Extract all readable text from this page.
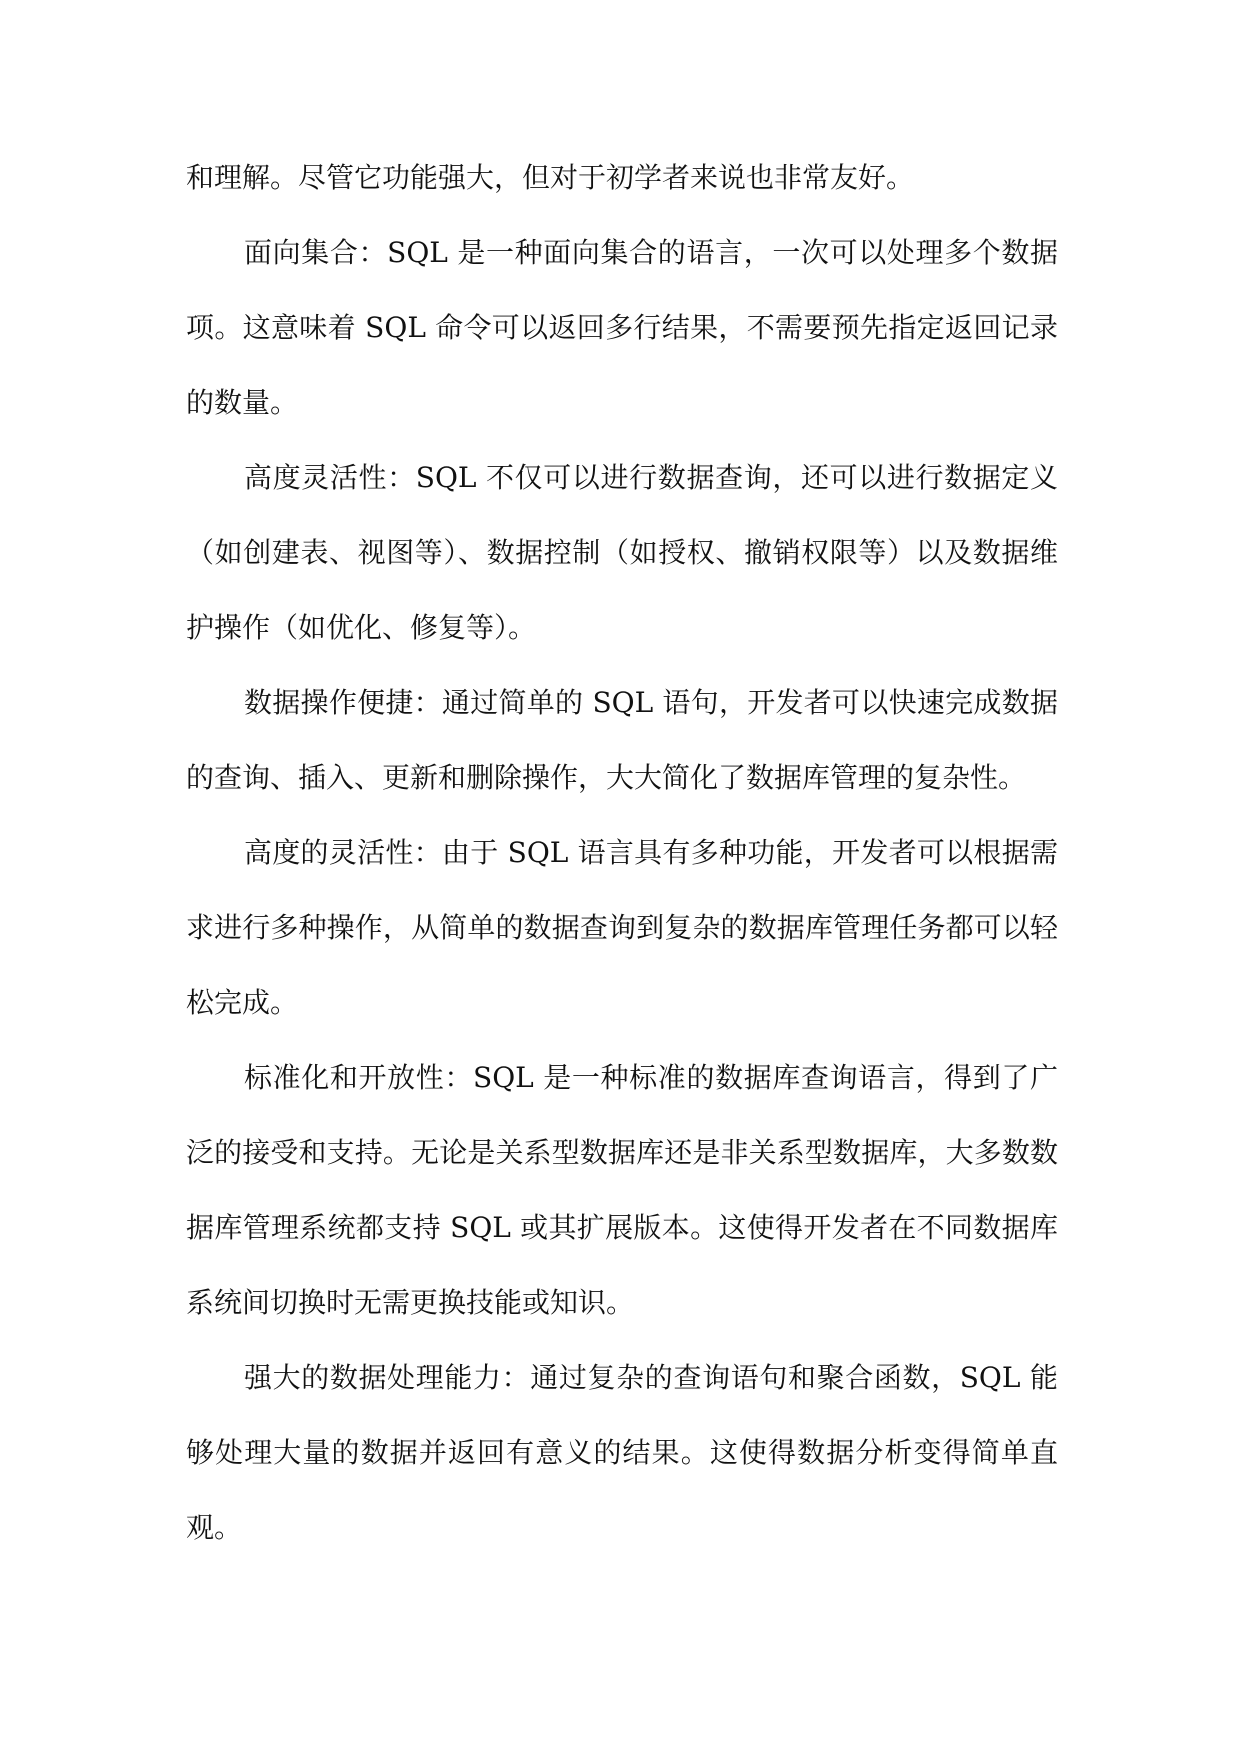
和理解。尽管它功能强大，但对于初学者来说也非常友好。

面向集合：SQL 是一种面向集合的语言，一次可以处理多个数据项。这意味着 SQL 命令可以返回多行结果，不需要预先指定返回记录的数量。

高度灵活性：SQL 不仅可以进行数据查询，还可以进行数据定义（如创建表、视图等）、数据控制（如授权、撤销权限等）以及数据维护操作（如优化、修复等）。

数据操作便捷：通过简单的 SQL 语句，开发者可以快速完成数据的查询、插入、更新和删除操作，大大简化了数据库管理的复杂性。

高度的灵活性：由于 SQL 语言具有多种功能，开发者可以根据需求进行多种操作，从简单的数据查询到复杂的数据库管理任务都可以轻松完成。

标准化和开放性：SQL 是一种标准的数据库查询语言，得到了广泛的接受和支持。无论是关系型数据库还是非关系型数据库，大多数数据库管理系统都支持 SQL 或其扩展版本。这使得开发者在不同数据库系统间切换时无需更换技能或知识。

强大的数据处理能力：通过复杂的查询语句和聚合函数，SQL 能够处理大量的数据并返回有意义的结果。这使得数据分析变得简单直观。
